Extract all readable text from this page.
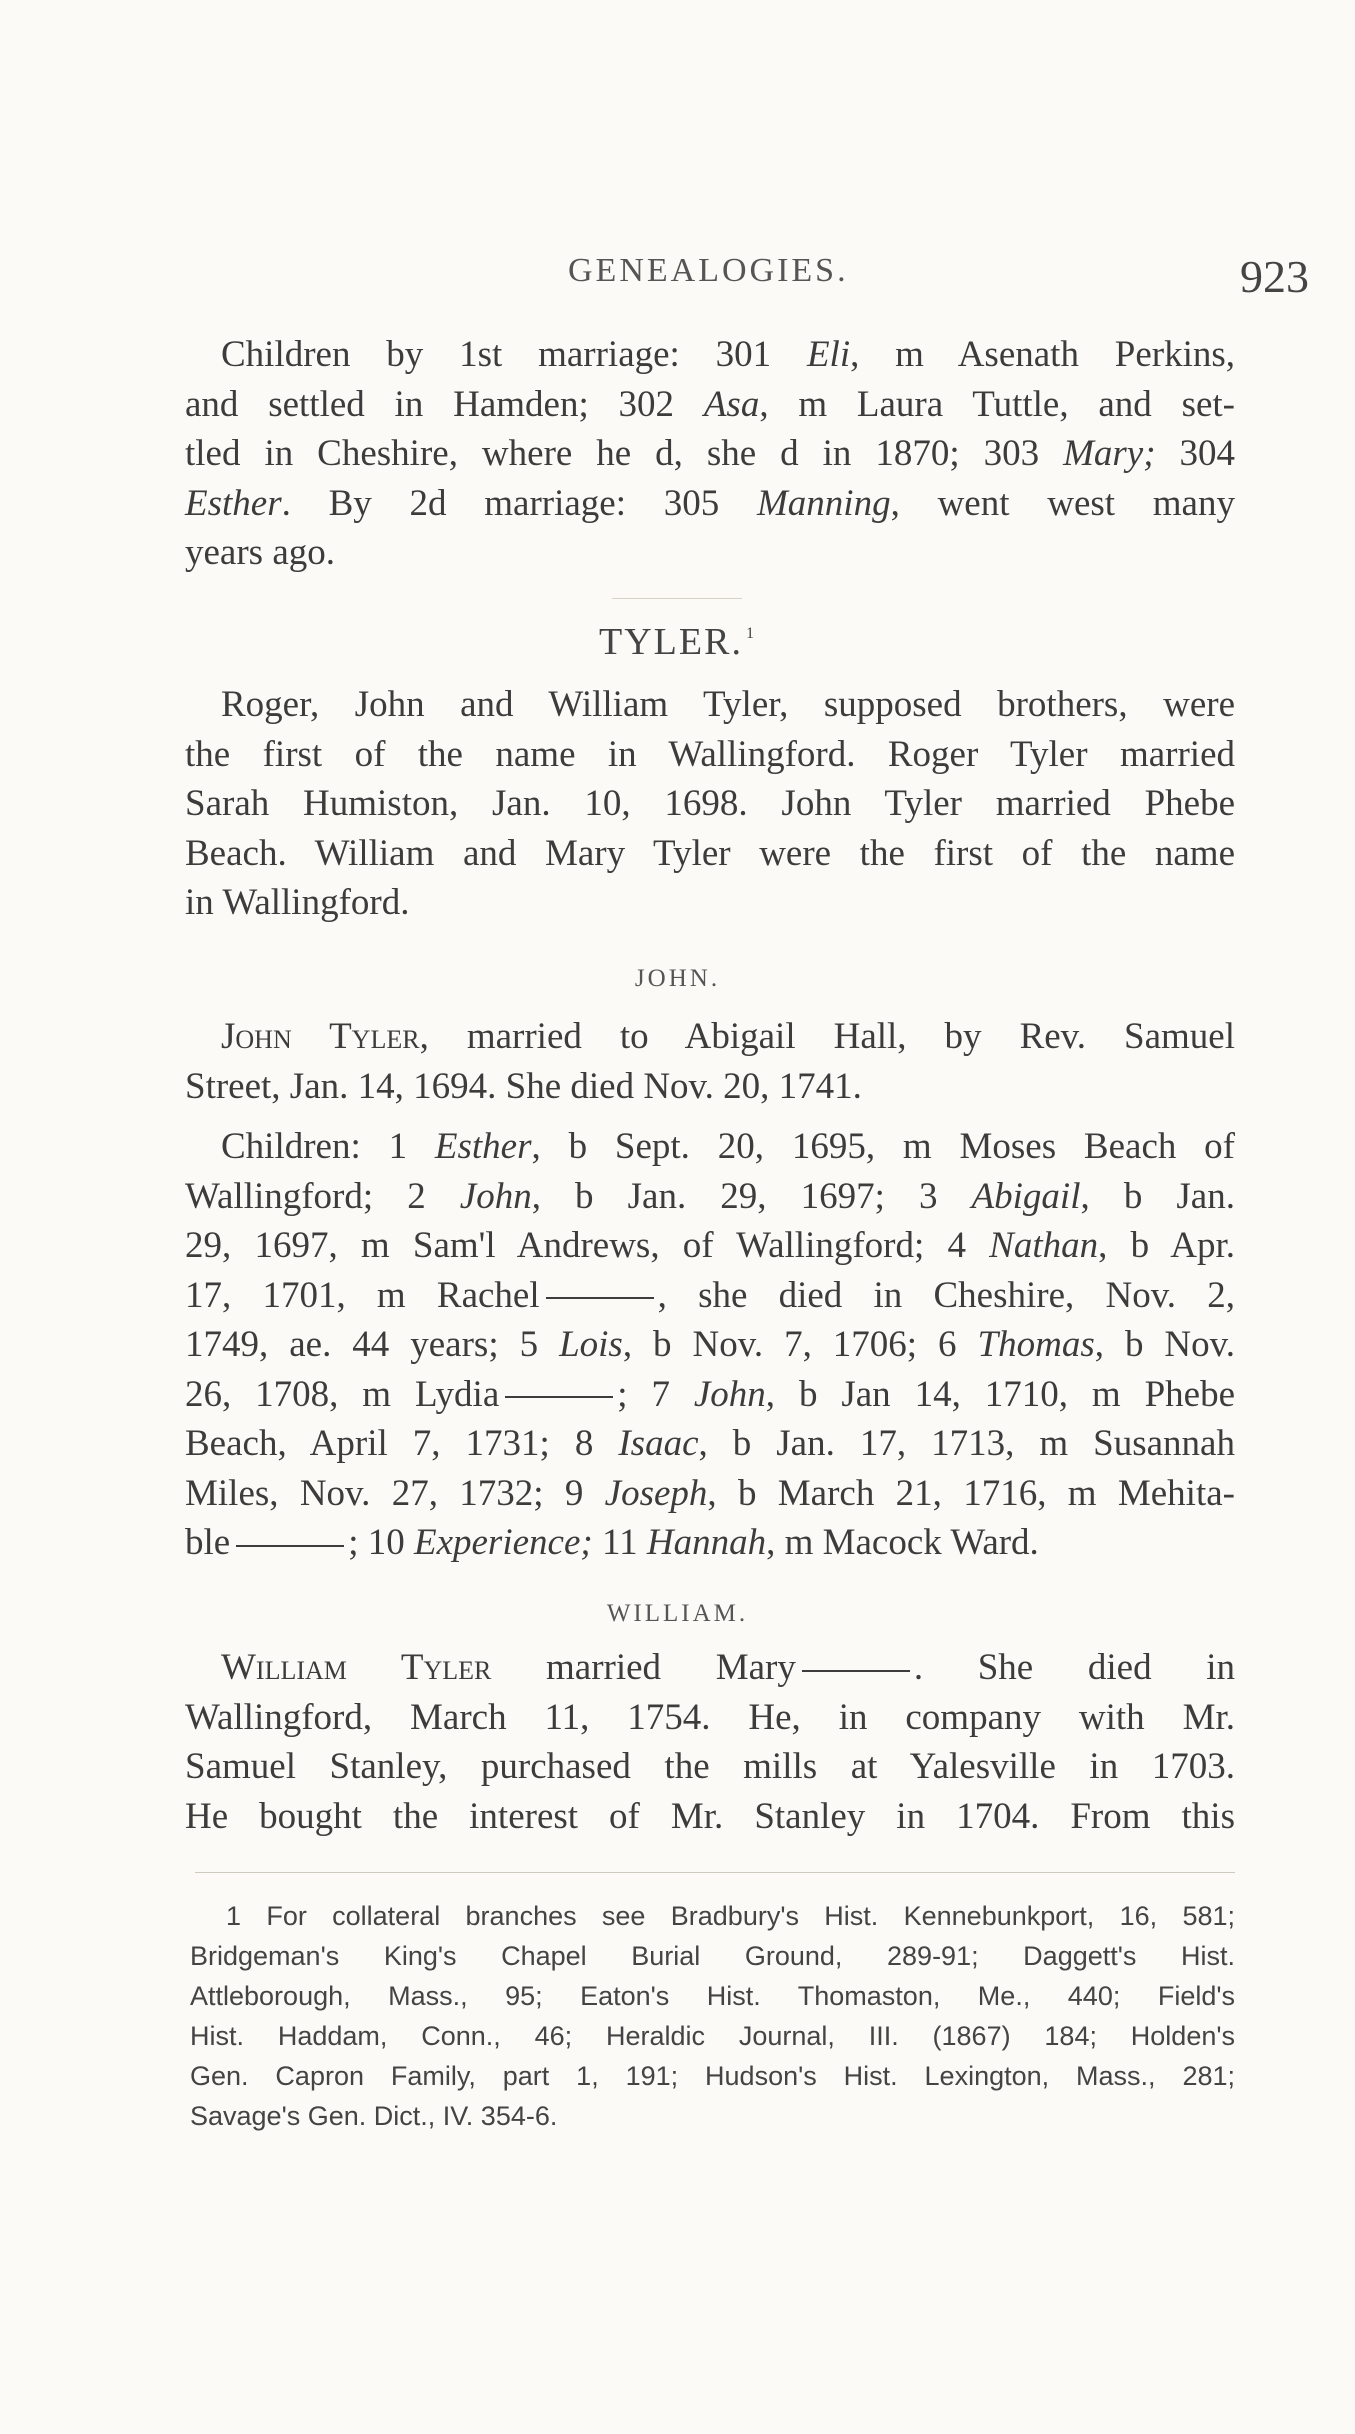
GENEALOGIES.	923
Children by 1st marriage: 301 Eli, m Asenath Perkins,
and settled in Hamden; 302 Asa, m Laura Tuttle, and set-
tled in Cheshire, where he d, she d in 1870; 303 Mary; 304
Esther. By 2d marriage: 305 Manning, went west many
years ago.
TYLER. $^1$
Roger, John and William Tyler, supposed brothers, were
the first of the name in Wallingford. Roger Tyler married
Sarah Humiston, Jan. 10, 1698. John Tyler married Phebe
Beach. William and Mary Tyler were the first of the name
in Wallingford.
JOHN.
John Tyler, married to Abigail Hall, by Rev. Samuel
Street, Jan. 14, 1694. She died Nov. 20, 1741.
Children: 1 Esther, b Sept. 20, 1695, m Moses Beach of
Wallingford; 2 John, b Jan. 29, 1697; 3 Abigail, b Jan.
29, 1697, m Sam'l Andrews, of Wallingford; 4 Nathan, b Apr.
17, 1701, m Rachel	, she died in Cheshire, Nov. 2,
1749, ae. 44 years; 5 Lois, b Nov. 7, 1706; 6 Thomas, b Nov.
26, 1708, m Lydia	; 7 John, b Jan 14, 1710, m Phebe
Beach, April 7, 1731; 8 Isaac, b Jan. 17, 1713, m Susannah
Miles, Nov. 27, 1732; 9 Joseph, b March 21, 1716, m Mehita-
ble	; 10 Experience; 11 Hannah, m Macock Ward.
WILLIAM.
William Tyler married Mary	. She died in
Wallingford, March 11, 1754. He, in company with Mr.
Samuel Stanley, purchased the mills at Yalesville in 1703.
He bought the interest of Mr. Stanley in 1704. From this
1 For collateral branches see Bradbury's Hist. Kennebunkport, 16, 581;
Bridgeman's King's Chapel Burial Ground, 289-91; Daggett's Hist.
Attleborough, Mass., 95; Eaton's Hist. Thomaston, Me., 440; Field's
Hist. Haddam, Conn., 46; Heraldic Journal, III. (1867) 184; Holden's
Gen. Capron Family, part 1, 191; Hudson's Hist. Lexington, Mass., 281;
Savage's Gen. Dict., IV. 354-6.
